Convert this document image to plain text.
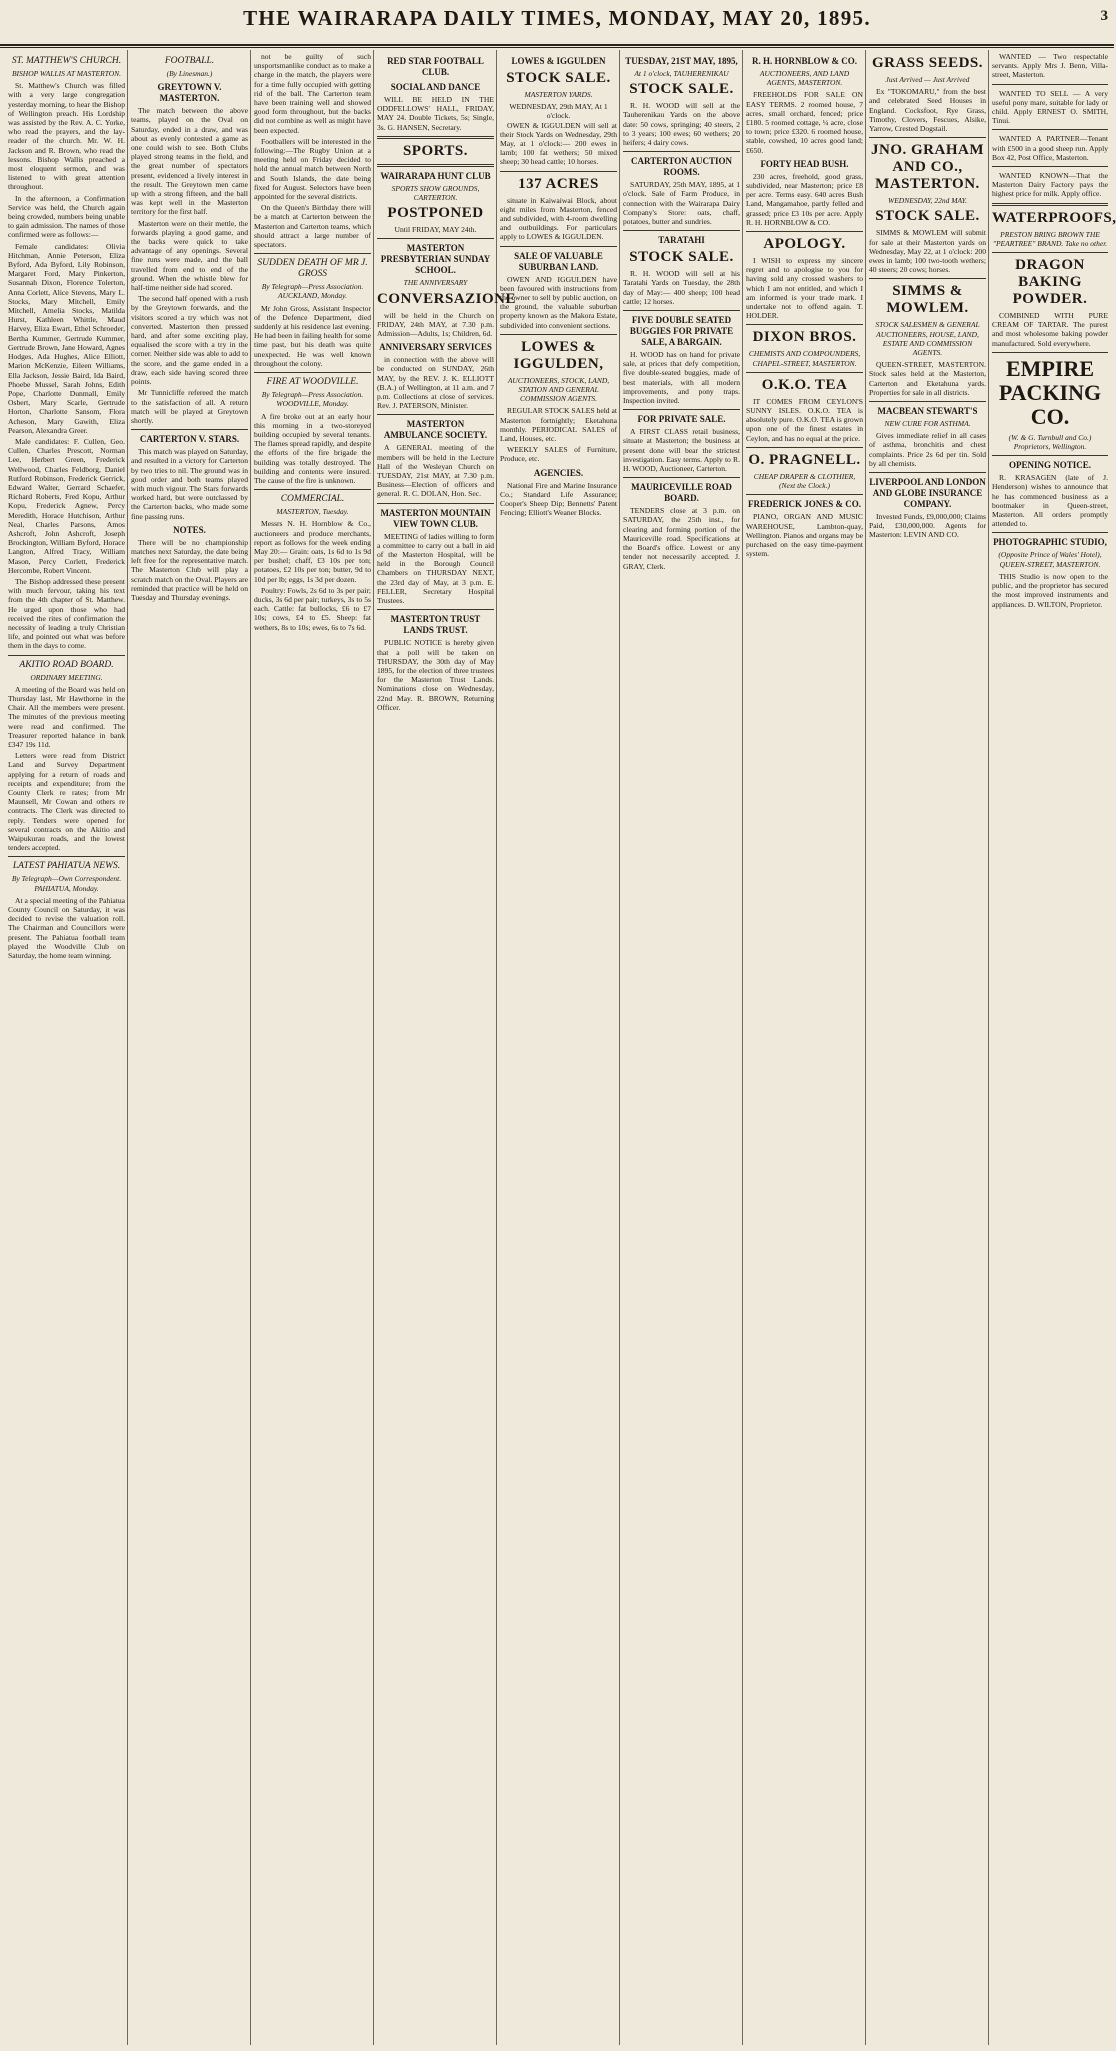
THE WAIRARAPA DAILY TIMES, MONDAY, MAY 20, 1895.	3
ST. MATTHEW'S CHURCH.
BISHOP WALLIS AT MASTERTON.

St. Matthew's Church was filled with a very large congregation yesterday morning, to hear the Bishop of Wellington preach. His Lordship was assisted by the Rev. A. C. Yorke, who read the prayers, and the lay-reader of the church. Mr. W. H. Jackson and R. Brown, who read the lessons. Bishop Wallis preached a most eloquent sermon, and was listened to with great attention throughout.

In the afternoon, a Confirmation Service was held, the Church again being crowded, numbers being unable to gain admission. The names of those confirmed were as follows:—

Female candidates: Olivia Hitchman, Annie Peterson, Eliza Byford, Ada Byford, Lily Robinson, Margaret Ford, Mary Pinkerton, Susannah Dixon, Florence Tolerton, Anna Corlett, Alice Stevens, Mary L. Stocks, Mary Mitchell, Emily Mitchell, Amelia Stocks, Matilda Hurst, Kathleen Whittle, Maud Harvey, Eliza Ewart, Ethel Schroeder, Bertha Kummer, Gertrude Kummer, Gertrude Brown, Jane Howard, Agnes Hodges, Ada Hughes, Alice Elliott, Marion McKenzie, Eileen Williams, Ella Jackson, Jessie Baird, Ida Baird, Phoebe Mussel, Sarah Johns, Edith Pope, Charlotte Dunmall, Emily Osbert, Mary Scarle, Gertrude Horton, Charlotte Sansom, Flora Acheson, Mary Gawith, Eliza Pearson, Alexandra Greer.

Male candidates: F. Cullen, Geo. Cullen, Charles Prescott, Norman Lee, Herbert Green, Frederick Wellwood, Charles Feldborg, Daniel Rutford Robinson, Frederick Gerrick, Edward Walter, Gerrard Schaefer, Richard Roberts, Fred Kopu, Arthur Kopu, Frederick Agnew, Percy Meredith, Horace Hutchison, Arthur Neal, Charles Parsons, Amos Ashcroft, John Ashcroft, Joseph Brockington, William Byford, Horace Langton, Alfred Tracy, William Mason, Percy Corlett, Frederick Hercombe, Robert Vincent.

The Bishop addressed these present with much fervour, taking his text from the 4th chapter of St. Matthew. He urged upon those who had received the rites of confirmation the necessity of leading a truly Christian life, and pointed out what was before them in the days to come.

AKITIO ROAD BOARD.
ORDINARY MEETING.

A meeting of the Board was held on Thursday last, Mr Hawthorne in the Chair. All the members were present. The minutes of the previous meeting were read and confirmed. The Treasurer reported balance in bank £347 19s 11d.

Letters were read from District Land and Survey Department applying for a return of roads and receipts and expenditure; from the County Clerk re rates; from Mr Maunsell, Mr Cowan and others re contracts. The Clerk was directed to reply. Tenders were opened for several contracts on the Akitio and Waipukurau roads, and the lowest tenders accepted.

LATEST PAHIATUA NEWS.
By Telegraph—Own Correspondent. PAHIATUA, Monday.

At a special meeting of the Pahiatua County Council on Saturday, it was decided to revise the valuation roll. The Chairman and Councillors were present. The Pahiatua football team played the Woodville Club on Saturday, the home team winning.

FOOTBALL.
(By Linesman.)
GREYTOWN V. MASTERTON.

The match between the above teams, played on the Oval on Saturday, ended in a draw, and was about as evenly contested a game as one could wish to see. Both Clubs played strong teams in the field, and the great number of spectators present, evidenced a lively interest in the result. The Greytown men came up with a strong fifteen, and the ball was kept well in the Masterton territory for the first half.

Masterton were on their mettle, the forwards playing a good game, and the backs were quick to take advantage of any openings. Several fine runs were made, and the ball travelled from end to end of the ground. When the whistle blew for half-time neither side had scored.

The second half opened with a rush by the Greytown forwards, and the visitors scored a try which was not converted. Masterton then pressed hard, and after some exciting play, equalised the score with a try in the corner. Neither side was able to add to the score, and the game ended in a draw, each side having scored three points.

Mr Tunnicliffe refereed the match to the satisfaction of all. A return match will be played at Greytown shortly.

CARTERTON V. STARS.

This match was played on Saturday, and resulted in a victory for Carterton by two tries to nil. The ground was in good order and both teams played with much vigour. The Stars forwards worked hard, but were outclassed by the Carterton backs, who made some fine passing runs.

NOTES.

There will be no championship matches next Saturday, the date being left free for the representative match. The Masterton Club will play a scratch match on the Oval. Players are reminded that practice will be held on Tuesday and Thursday evenings.

not be guilty of such unsportsmanlike conduct as to make a charge in the match, the players were for a time fully occupied with getting rid of the ball. The Carterton team have been training well and showed good form throughout, but the backs did not combine as well as might have been expected.

Footballers will be interested in the following:—The Rugby Union at a meeting held on Friday decided to hold the annual match between North and South Islands, the date being fixed for August. Selectors have been appointed for the several districts.

On the Queen's Birthday there will be a match at Carterton between the Masterton and Carterton teams, which should attract a large number of spectators.

SUDDEN DEATH OF MR J. GROSS
By Telegraph—Press Association. AUCKLAND, Monday.

Mr John Gross, Assistant Inspector of the Defence Department, died suddenly at his residence last evening. He had been in failing health for some time past, but his death was quite unexpected. He was well known throughout the colony.

FIRE AT WOODVILLE.
By Telegraph—Press Association. WOODVILLE, Monday.

A fire broke out at an early hour this morning in a two-storeyed building occupied by several tenants. The flames spread rapidly, and despite the efforts of the fire brigade the building was totally destroyed. The building and contents were insured. The cause of the fire is unknown.

COMMERCIAL.
MASTERTON, Tuesday.

Messrs N. H. Hornblow & Co., auctioneers and produce merchants, report as follows for the week ending May 20:— Grain: oats, 1s 6d to 1s 9d per bushel; chaff, £3 10s per ton; potatoes, £2 10s per ton; butter, 9d to 10d per lb; eggs, 1s 3d per dozen.

Poultry: Fowls, 2s 6d to 3s per pair; ducks, 3s 6d per pair; turkeys, 3s to 5s each. Cattle: fat bullocks, £6 to £7 10s; cows, £4 to £5. Sheep: fat wethers, 8s to 10s; ewes, 6s to 7s 6d.

RED STAR FOOTBALL CLUB.
SOCIAL AND DANCE

WILL BE HELD IN THE ODDFELLOWS' HALL, FRIDAY, MAY 24. Double Tickets, 5s; Single, 3s. G. HANSEN, Secretary.

SPORTS.
WAIRARAPA HUNT CLUB
SPORTS SHOW GROUNDS, CARTERTON.
POSTPONED
Until FRIDAY, MAY 24th.
MASTERTON PRESBYTERIAN SUNDAY SCHOOL.
THE ANNIVERSARY
CONVERSAZIONE

will be held in the Church on FRIDAY, 24th MAY, at 7.30 p.m. Admission—Adults, 1s; Children, 6d.

ANNIVERSARY SERVICES

in connection with the above will be conducted on SUNDAY, 26th MAY, by the REV. J. K. ELLIOTT (B.A.) of Wellington, at 11 a.m. and 7 p.m. Collections at close of services. Rev. J. PATERSON, Minister.

MASTERTON AMBULANCE SOCIETY.

A GENERAL meeting of the members will be held in the Lecture Hall of the Wesleyan Church on TUESDAY, 21st MAY, at 7.30 p.m. Business—Election of officers and general. R. C. DOLAN, Hon. Sec.

MASTERTON MOUNTAIN VIEW TOWN CLUB.

MEETING of ladies willing to form a committee to carry out a ball in aid of the Masterton Hospital, will be held in the Borough Council Chambers on THURSDAY NEXT, the 23rd day of May, at 3 p.m. E. FELLER, Secretary Hospital Trustees.

MASTERTON TRUST LANDS TRUST.

PUBLIC NOTICE is hereby given that a poll will be taken on THURSDAY, the 30th day of May 1895, for the election of three trustees for the Masterton Trust Lands. Nominations close on Wednesday, 22nd May. R. BROWN, Returning Officer.

LOWES & IGGULDEN
STOCK SALE.
MASTERTON YARDS.
WEDNESDAY, 29th MAY, At 1 o'clock.

OWEN & IGGULDEN will sell at their Stock Yards on Wednesday, 29th May, at 1 o'clock:— 200 ewes in lamb; 100 fat wethers; 50 mixed sheep; 30 head cattle; 10 horses.

137 ACRES

situate in Kaiwaiwai Block, about eight miles from Masterton, fenced and subdivided, with 4-room dwelling and outbuildings. For particulars apply to LOWES & IGGULDEN.

SALE OF VALUABLE SUBURBAN LAND.

OWEN AND IGGULDEN have been favoured with instructions from the owner to sell by public auction, on the ground, the valuable suburban property known as the Makora Estate, subdivided into convenient sections.

LOWES & IGGULDEN,
AUCTIONEERS, STOCK, LAND, STATION AND GENERAL COMMISSION AGENTS.

REGULAR STOCK SALES held at Masterton fortnightly; Eketahuna monthly. PERIODICAL SALES of Land, Houses, etc.

WEEKLY SALES of Furniture, Produce, etc.

AGENCIES.

National Fire and Marine Insurance Co.; Standard Life Assurance; Cooper's Sheep Dip; Bennetts' Patent Fencing; Elliott's Weaner Blocks.

TUESDAY, 21ST MAY, 1895,
At 1 o'clock, TAUHERENIKAU
STOCK SALE.

R. H. WOOD will sell at the Tauherenikau Yards on the above date: 50 cows, springing; 40 steers, 2 to 3 years; 100 ewes; 60 wethers; 20 heifers; 4 dairy cows.

CARTERTON AUCTION ROOMS.

SATURDAY, 25th MAY, 1895, at 1 o'clock. Sale of Farm Produce, in connection with the Wairarapa Dairy Company's Store: oats, chaff, potatoes, butter and sundries.

TARATAHI
STOCK SALE.

R. H. WOOD will sell at his Taratahi Yards on Tuesday, the 28th day of May:— 400 sheep; 100 head cattle; 12 horses.

FIVE DOUBLE SEATED BUGGIES FOR PRIVATE SALE, A BARGAIN.

H. WOOD has on hand for private sale, at prices that defy competition, five double-seated buggies, made of best materials, with all modern improvements, and pony traps. Inspection invited.

FOR PRIVATE SALE.

A FIRST CLASS retail business, situate at Masterton; the business at present done will bear the strictest investigation. Easy terms. Apply to R. H. WOOD, Auctioneer, Carterton.

MAURICEVILLE ROAD BOARD.

TENDERS close at 3 p.m. on SATURDAY, the 25th inst., for clearing and forming portion of the Mauriceville road. Specifications at the Board's office. Lowest or any tender not necessarily accepted. J. GRAY, Clerk.

R. H. HORNBLOW & CO.
AUCTIONEERS, AND LAND AGENTS, MASTERTON.

FREEHOLDS FOR SALE ON EASY TERMS. 2 roomed house, 7 acres, small orchard, fenced; price £180. 5 roomed cottage, ¼ acre, close to town; price £320. 6 roomed house, stable, cowshed, 10 acres good land; £650.

FORTY HEAD BUSH.

230 acres, freehold, good grass, subdivided, near Masterton; price £8 per acre. Terms easy. 640 acres Bush Land, Mangamahoe, partly felled and grassed; price £3 10s per acre. Apply R. H. HORNBLOW & CO.

APOLOGY.

I WISH to express my sincere regret and to apologise to you for having sold any crossed washers to which I am not entitled, and which I am informed is your trade mark. I undertake not to offend again. T. HOLDER.

DIXON BROS.
CHEMISTS AND COMPOUNDERS, CHAPEL-STREET, MASTERTON.
O.K.O. TEA

IT COMES FROM CEYLON'S SUNNY ISLES. O.K.O. TEA is absolutely pure. O.K.O. TEA is grown upon one of the finest estates in Ceylon, and has no equal at the price.

O. PRAGNELL.
CHEAP DRAPER & CLOTHIER, (Next the Clock.)
FREDERICK JONES & CO.

PIANO, ORGAN AND MUSIC WAREHOUSE, Lambton-quay, Wellington. Pianos and organs may be purchased on the easy time-payment system.

GRASS SEEDS.
Just Arrived — Just Arrived

Ex "TOKOMARU," from the best and celebrated Seed Houses in England. Cocksfoot, Rye Grass, Timothy, Clovers, Fescues, Alsike, Yarrow, Crested Dogstail.

JNO. GRAHAM AND CO., MASTERTON.
WEDNESDAY, 22nd MAY.
STOCK SALE.

SIMMS & MOWLEM will submit for sale at their Masterton yards on Wednesday, May 22, at 1 o'clock: 200 ewes in lamb; 100 two-tooth wethers; 40 steers; 20 cows; horses.

SIMMS & MOWLEM.
STOCK SALESMEN & GENERAL AUCTIONEERS, HOUSE, LAND, ESTATE AND COMMISSION AGENTS.

QUEEN-STREET, MASTERTON. Stock sales held at the Masterton, Carterton and Eketahuna yards. Properties for sale in all districts.

MACBEAN STEWART'S
NEW CURE FOR ASTHMA.

Gives immediate relief in all cases of asthma, bronchitis and chest complaints. Price 2s 6d per tin. Sold by all chemists.

LIVERPOOL AND LONDON AND GLOBE INSURANCE COMPANY.

Invested Funds, £9,000,000; Claims Paid, £30,000,000. Agents for Masterton: LEVIN AND CO.

WANTED — Two respectable servants. Apply Mrs J. Benn, Villa-street, Masterton.

WANTED TO SELL — A very useful pony mare, suitable for lady or child. Apply ERNEST O. SMITH, Tinui.

WANTED A PARTNER—Tenant with £500 in a good sheep run. Apply Box 42, Post Office, Masterton.

WANTED KNOWN—That the Masterton Dairy Factory pays the highest price for milk. Apply office.

WATERPROOFS,
PRESTON BRING BROWN THE "PEARTREE" BRAND. Take no other.
DRAGON BAKING POWDER.

COMBINED WITH PURE CREAM OF TARTAR. The purest and most wholesome baking powder manufactured. Sold everywhere.

EMPIRE PACKING CO.
(W. & G. Turnbull and Co.) Proprietors, Wellington.
OPENING NOTICE.

R. KRASAGEN (late of J. Henderson) wishes to announce that he has commenced business as a bootmaker in Queen-street, Masterton. All orders promptly attended to.

PHOTOGRAPHIC STUDIO,
(Opposite Prince of Wales' Hotel), QUEEN-STREET, MASTERTON.

THIS Studio is now open to the public, and the proprietor has secured the most improved instruments and appliances. D. WILTON, Proprietor.
